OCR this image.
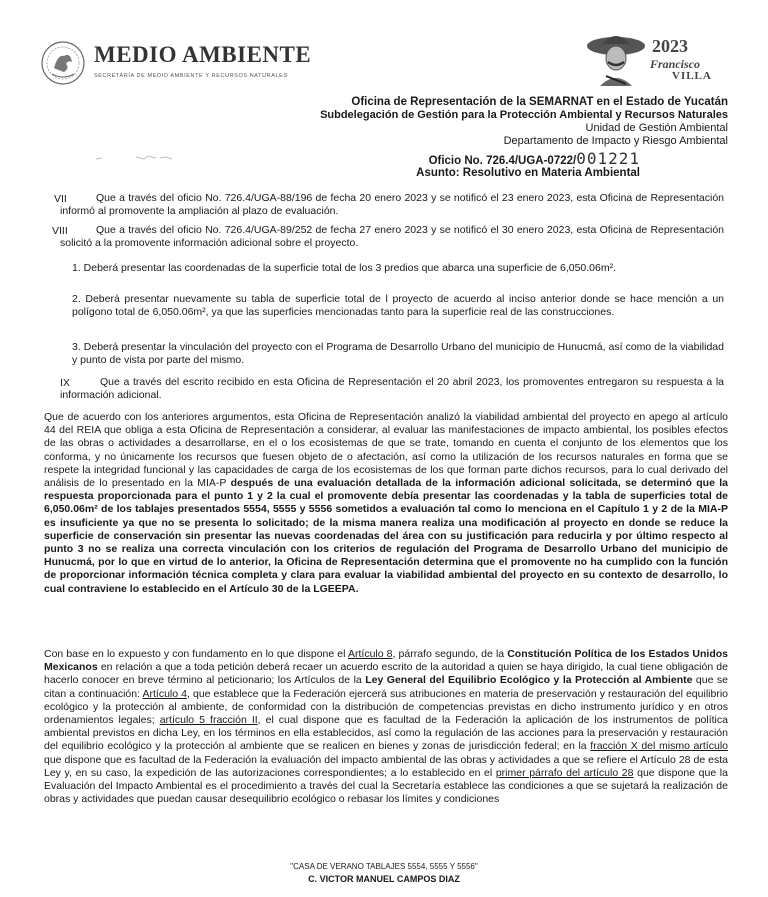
MEDIO AMBIENTE
SECRETARÍA DE MEDIO AMBIENTE Y RECURSOS NATURALES
2023
Francisco
VILLA
Oficina de Representación de la SEMARNAT en el Estado de Yucatán
Subdelegación de Gestión para la Protección Ambiental y Recursos Naturales
Unidad de Gestión Ambiental
Departamento de Impacto y Riesgo Ambiental
Oficio No. 726.4/UGA-0722/001221
Asunto: Resolutivo en Materia Ambiental
VII	Que a través del oficio No. 726.4/UGA-88/196 de fecha 20 enero 2023 y se notificó el 23 enero 2023, esta Oficina de Representación informó al promovente la ampliación al plazo de evaluación.
VIII	Que a través del oficio No. 726.4/UGA-89/252 de fecha 27 enero 2023 y se notificó el 30 enero 2023, esta Oficina de Representación solicitó a la promovente información adicional sobre el proyecto.
1. Deberá presentar las coordenadas de la superficie total de los 3 predios que abarca una superficie de 6,050.06m².
2. Deberá presentar nuevamente su tabla de superficie total de l proyecto de acuerdo al inciso anterior donde se hace mención a un polígono total de 6,050.06m², ya que las superficies mencionadas tanto para la superficie real de las construcciones.
3. Deberá presentar la vinculación del proyecto con el Programa de Desarrollo Urbano del municipio de Hunucmá, así como de la viabilidad y punto de vista por parte del mismo.
IX	Que a través del escrito recibido en esta Oficina de Representación el 20 abril 2023, los promoventes entregaron su respuesta a la información adicional.
Que de acuerdo con los anteriores argumentos, esta Oficina de Representación analizó la viabilidad ambiental del proyecto en apego al artículo 44 del REIA que obliga a esta Oficina de Representación a considerar, al evaluar las manifestaciones de impacto ambiental, los posibles efectos de las obras o actividades a desarrollarse, en el o los ecosistemas de que se trate, tomando en cuenta el conjunto de los elementos que los conforma, y no únicamente los recursos que fuesen objeto de o afectación, así como la utilización de los recursos naturales en forma que se respete la integridad funcional y las capacidades de carga de los ecosistemas de los que forman parte dichos recursos, para lo cual derivado del análisis de lo presentado en la MIA-P después de una evaluación detallada de la información adicional solicitada, se determinó que la respuesta proporcionada para el punto 1 y 2 la cual el promovente debía presentar las coordenadas y la tabla de superficies total de 6,050.06m² de los tablajes presentados 5554, 5555 y 5556 sometidos a evaluación tal como lo menciona en el Capítulo 1 y 2 de la MIA-P es insuficiente ya que no se presenta lo solicitado; de la misma manera realiza una modificación al proyecto en donde se reduce la superficie de conservación sin presentar las nuevas coordenadas del área con su justificación para reducirla y por último respecto al punto 3 no se realiza una correcta vinculación con los criterios de regulación del Programa de Desarrollo Urbano del municipio de Hunucmá, por lo que en virtud de lo anterior, la Oficina de Representación determina que el promovente no ha cumplido con la función de proporcionar información técnica completa y clara para evaluar la viabilidad ambiental del proyecto en su contexto de desarrollo, lo cual contraviene lo establecido en el Artículo 30 de la LGEEPA.
Con base en lo expuesto y con fundamento en lo que dispone el Artículo 8, párrafo segundo, de la Constitución Política de los Estados Unidos Mexicanos en relación a que a toda petición deberá recaer un acuerdo escrito de la autoridad a quien se haya dirigido, la cual tiene obligación de hacerlo conocer en breve término al peticionario; los Artículos de la Ley General del Equilibrio Ecológico y la Protección al Ambiente que se citan a continuación: Artículo 4, que establece que la Federación ejercerá sus atribuciones en materia de preservación y restauración del equilibrio ecológico y la protección al ambiente, de conformidad con la distribución de competencias previstas en dicho instrumento jurídico y en otros ordenamientos legales; artículo 5 fracción II, el cual dispone que es facultad de la Federación la aplicación de los instrumentos de política ambiental previstos en dicha Ley, en los términos en ella establecidos, así como la regulación de las acciones para la preservación y restauración del equilibrio ecológico y la protección al ambiente que se realicen en bienes y zonas de jurisdicción federal; en la fracción X del mismo artículo que dispone que es facultad de la Federación la evaluación del impacto ambiental de las obras y actividades a que se refiere el Artículo 28 de esta Ley y, en su caso, la expedición de las autorizaciones correspondientes; a lo establecido en el primer párrafo del artículo 28 que dispone que la Evaluación del Impacto Ambiental es el procedimiento a través del cual la Secretaría establece las condiciones a que se sujetará la realización de obras y actividades que puedan causar desequilibrio ecológico o rebasar los límites y condiciones
"CASA DE VERANO TABLAJES 5554, 5555 Y 5556"
C. VICTOR MANUEL CAMPOS DIAZ
